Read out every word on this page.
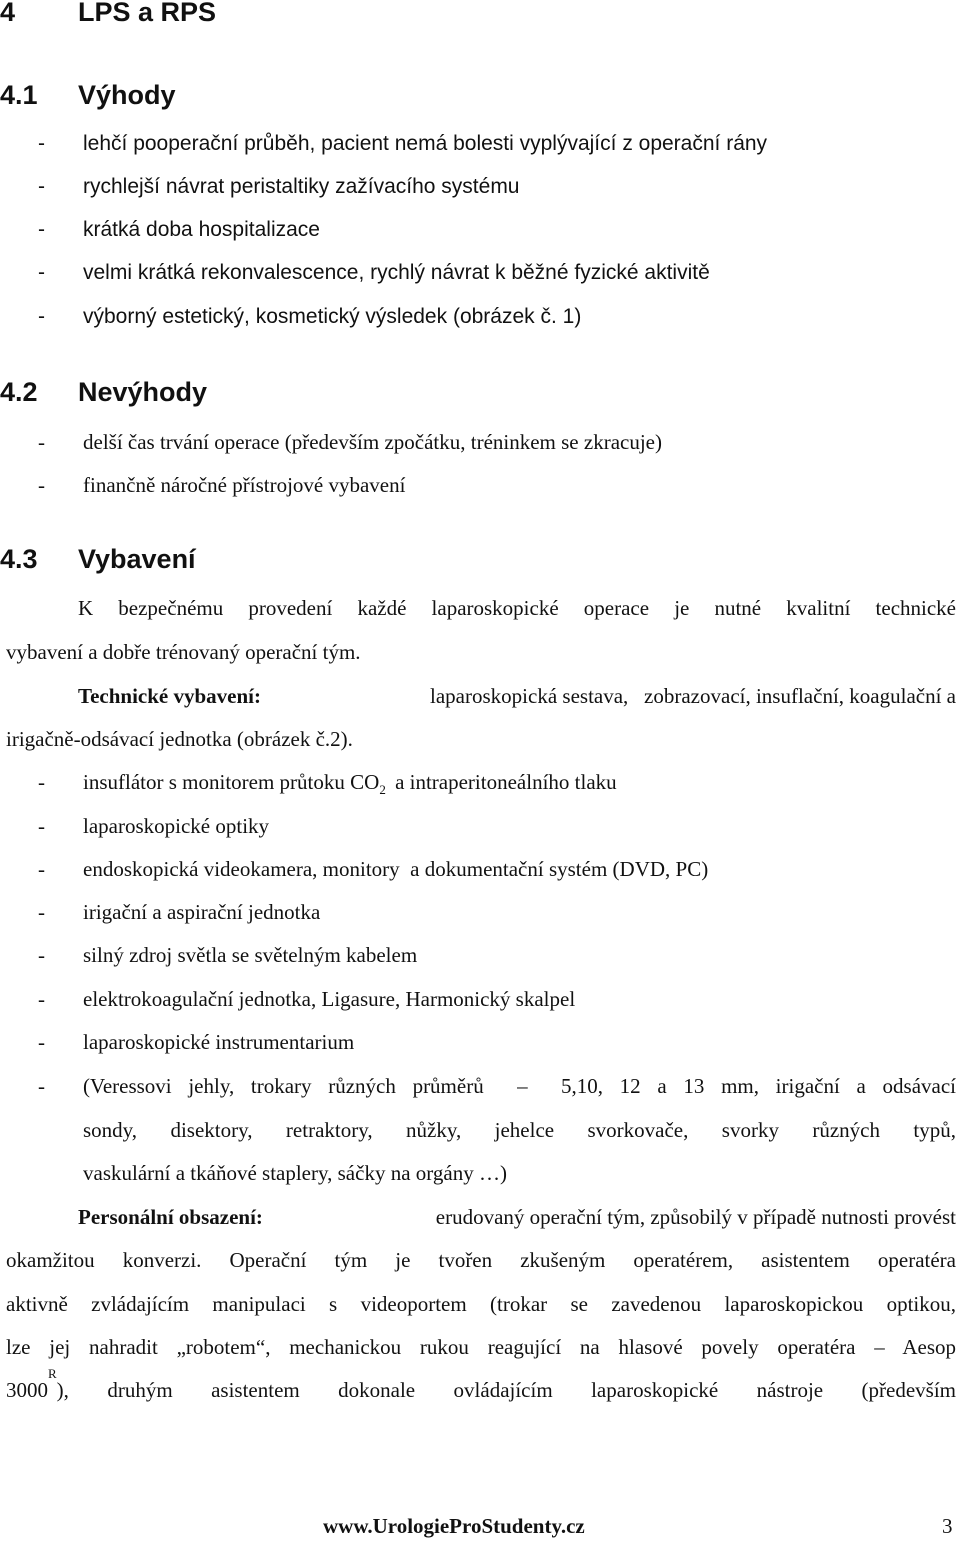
4 LPS a RPS
4.1 Výhody
- lehčí pooperační průběh, pacient nemá bolesti vyplývající z operační rány
- rychlejší návrat peristaltiky zažívacího systému
- krátká doba hospitalizace
- velmi krátká rekonvalescence, rychlý návrat k běžné fyzické aktivitě
- výborný estetický, kosmetický výsledek (obrázek č. 1)
4.2 Nevýhody
- delší čas trvání operace (především zpočátku, tréninkem se zkracuje)
- finančně náročné přístrojové vybavení
4.3 Vybavení
K bezpečnému provedení každé laparoskopické operace je nutné kvalitní technické
vybavení a dobře trénovaný operační tým.
Technické vybavení:	laparoskopická sestava,   zobrazovací, insuflační, koagulační a
irigačně-odsávací jednotka (obrázek č.2).
- insuflátor s monitorem průtoku $CO_2$ a intraperitoneálního tlaku
- laparoskopické optiky
- endoskopická videokamera, monitory  a dokumentační systém (DVD, PC)
- irigační a aspirační jednotka
- silný zdroj světla se světelným kabelem
- elektrokoagulační jednotka, Ligasure, Harmonický skalpel
- laparoskopické instrumentarium
- (Veressovi jehly, trokary různých průměrů  –  5,10, 12 a 13 mm, irigační a odsávací
sondy, disektory, retraktory, nůžky, jehelce svorkovače, svorky různých typů,
vaskulární a tkáňové staplery, sáčky na orgány …)
Personální obsazení:	erudovaný operační tým, způsobilý v případě nutnosti provést
okamžitou konverzi. Operační tým je tvořen zkušeným operatérem, asistentem operatéra
aktivně zvládajícím manipulaci s videoportem (trokar se zavedenou laparoskopickou optikou,
lze jej nahradit „robotem“, mechanickou rukou reagující na hlasové povely operatéra – Aesop
3000
$^R$
), druhým asistentem dokonale ovládajícím laparoskopické nástroje (především
www.UrologieProStudenty.cz	3
